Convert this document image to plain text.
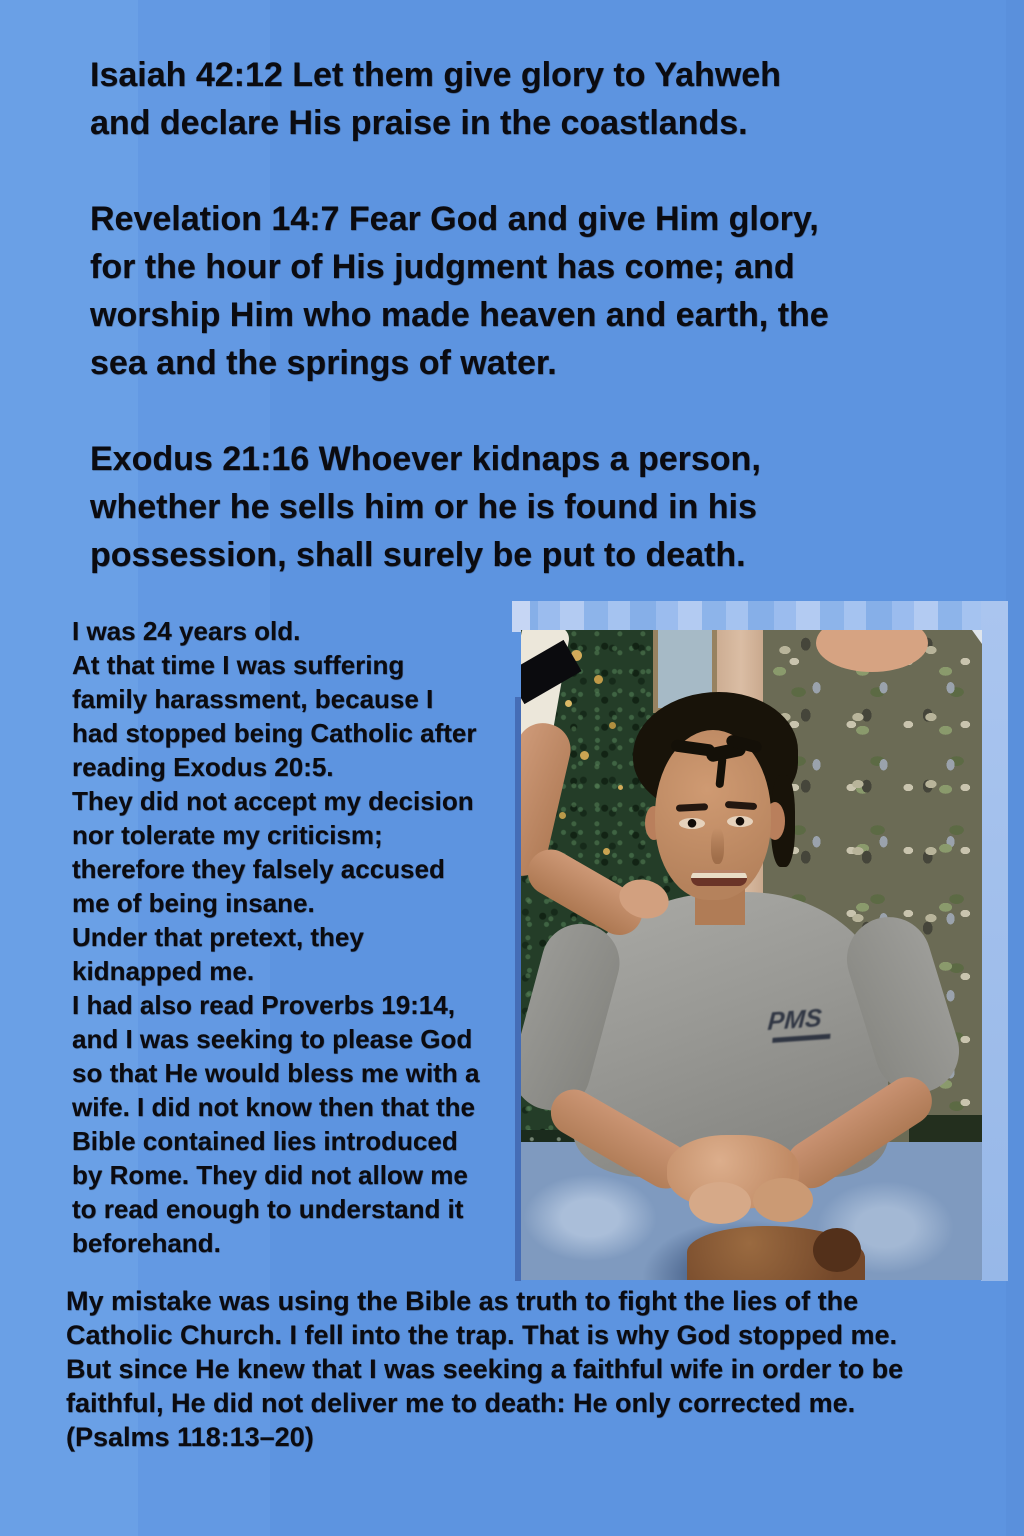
Isaiah 42:12 Let them give glory to Yahweh
and declare His praise in the coastlands.
Revelation 14:7 Fear God and give Him glory,
for the hour of His judgment has come; and
worship Him who made heaven and earth, the
sea and the springs of water.
Exodus 21:16 Whoever kidnaps a person,
whether he sells him or he is found in his
possession, shall surely be put to death.
I was 24 years old.
At that time I was suffering
family harassment, because I
had stopped being Catholic after
reading Exodus 20:5.
They did not accept my decision
nor tolerate my criticism;
therefore they falsely accused
me of being insane.
Under that pretext, they
kidnapped me.
I had also read Proverbs 19:14,
and I was seeking to please God
so that He would bless me with a
wife. I did not know then that the
Bible contained lies introduced
by Rome. They did not allow me
to read enough to understand it
beforehand.
PMS
My mistake was using the Bible as truth to fight the lies of the
Catholic Church. I fell into the trap. That is why God stopped me.
But since He knew that I was seeking a faithful wife in order to be
faithful, He did not deliver me to death: He only corrected me.
(Psalms 118:13–20)
